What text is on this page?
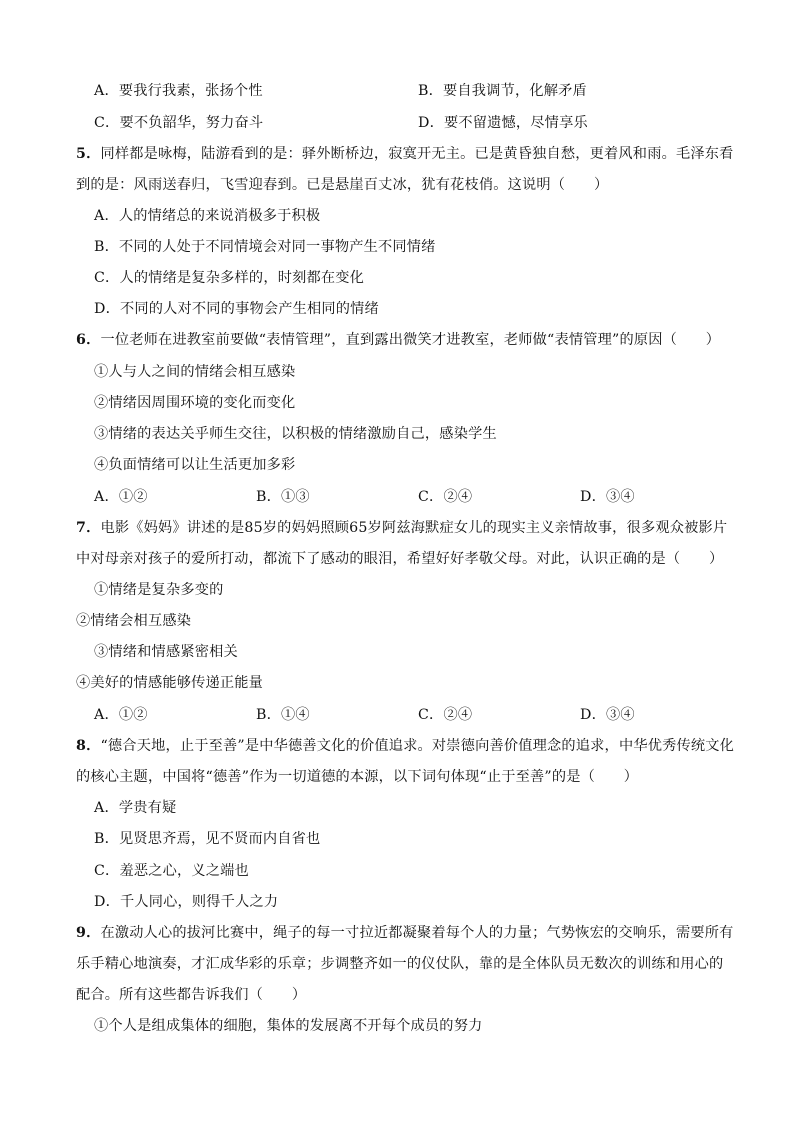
A．要我行我素，张扬个性	B．要自我调节，化解矛盾
C．要不负韶华，努力奋斗	D．要不留遗憾，尽情享乐
5．同样都是咏梅，陆游看到的是：驿外断桥边，寂寞开无主。已是黄昏独自愁，更着风和雨。毛泽东看
到的是：风雨送春归，飞雪迎春到。已是悬崖百丈冰，犹有花枝俏。这说明（　　）
A．人的情绪总的来说消极多于积极
B．不同的人处于不同情境会对同一事物产生不同情绪
C．人的情绪是复杂多样的，时刻都在变化
D．不同的人对不同的事物会产生相同的情绪
6．一位老师在进教室前要做“表情管理”，直到露出微笑才进教室，老师做“表情管理”的原因（　　）
①人与人之间的情绪会相互感染
②情绪因周围环境的变化而变化
③情绪的表达关乎师生交往，以积极的情绪激励自己，感染学生
④负面情绪可以让生活更加多彩
A．①②	B．①③	C．②④	D．③④
7．电影《妈妈》讲述的是85岁的妈妈照顾65岁阿兹海默症女儿的现实主义亲情故事，很多观众被影片
中对母亲对孩子的爱所打动，都流下了感动的眼泪，希望好好孝敬父母。对此，认识正确的是（　　）
①情绪是复杂多变的
②情绪会相互感染
③情绪和情感紧密相关
④美好的情感能够传递正能量
A．①②	B．①④	C．②④	D．③④
8．“德合天地，止于至善”是中华德善文化的价值追求。对崇德向善价值理念的追求，中华优秀传统文化
的核心主题，中国将“德善”作为一切道德的本源，以下词句体现“止于至善”的是（　　）
A．学贵有疑
B．见贤思齐焉，见不贤而内自省也
C．羞恶之心，义之端也
D．千人同心，则得千人之力
9．在激动人心的拔河比赛中，绳子的每一寸拉近都凝聚着每个人的力量；气势恢宏的交响乐，需要所有
乐手精心地演奏，才汇成华彩的乐章；步调整齐如一的仪仗队，靠的是全体队员无数次的训练和用心的
配合。所有这些都告诉我们（　　）
①个人是组成集体的细胞，集体的发展离不开每个成员的努力
